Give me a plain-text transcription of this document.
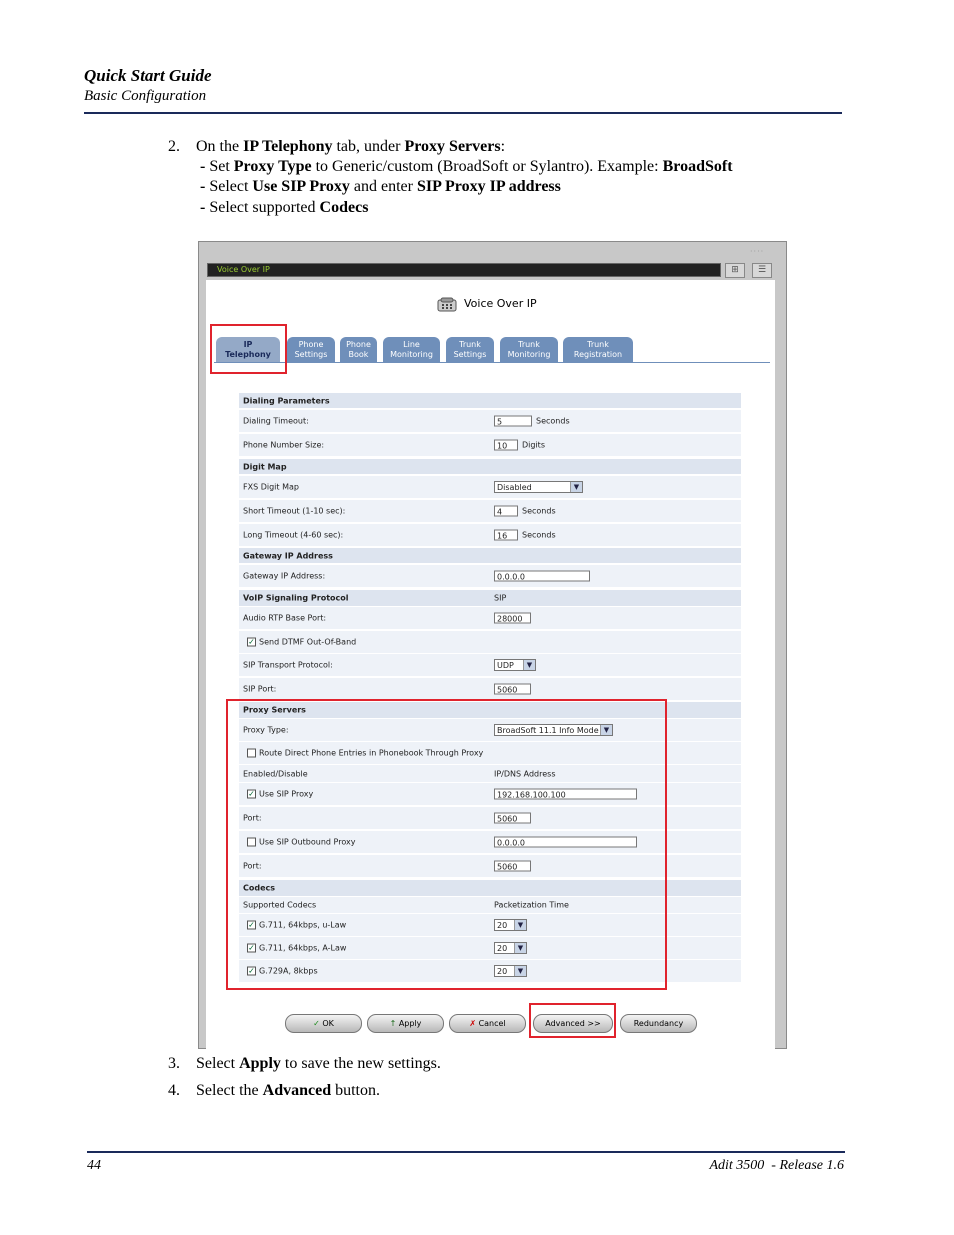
Quick Start Guide
Basic Configuration
2. On the IP Telephony tab, under Proxy Servers:
- Set Proxy Type to Generic/custom (BroadSoft or Sylantro). Example: BroadSoft
- Select Use SIP Proxy and enter SIP Proxy IP address
- Select supported Codecs
····
Voice Over IP	⊞	☰
Voice Over IP
IP
Telephony
Phone
Settings
Phone
Book
Line
Monitoring
Trunk
Settings
Trunk
Monitoring
Trunk
Registration
Dialing Parameters
Dialing Timeout:	5	Seconds
Phone Number Size:	10	Digits
Digit Map
FXS Digit Map	Disabled	▼
Short Timeout (1-10 sec):	4	Seconds
Long Timeout (4-60 sec):	16	Seconds
Gateway IP Address
Gateway IP Address:	0.0.0.0
VoIP Signaling Protocol	SIP
Audio RTP Base Port:	28000
✓ Send DTMF Out-Of-Band
SIP Transport Protocol:	UDP	▼
SIP Port:	5060
Proxy Servers
Proxy Type:	BroadSoft 11.1 Info Mode ▼
Route Direct Phone Entries in Phonebook Through Proxy
Enabled/Disable	IP/DNS Address
✓ Use SIP Proxy	192.168.100.100
Port:	5060
Use SIP Outbound Proxy	0.0.0.0
Port:	5060
Codecs
Supported Codecs	Packetization Time
✓ G.711, 64kbps, u-Law	20	▼
✓ G.711, 64kbps, A-Law	20	▼
✓ G.729A, 8kbps	20	▼
✓ OK	↑ Apply	✗ Cancel	Advanced >>	Redundancy
3. Select Apply to save the new settings.
4. Select the Advanced button.
44	Adit 3500  - Release 1.6
